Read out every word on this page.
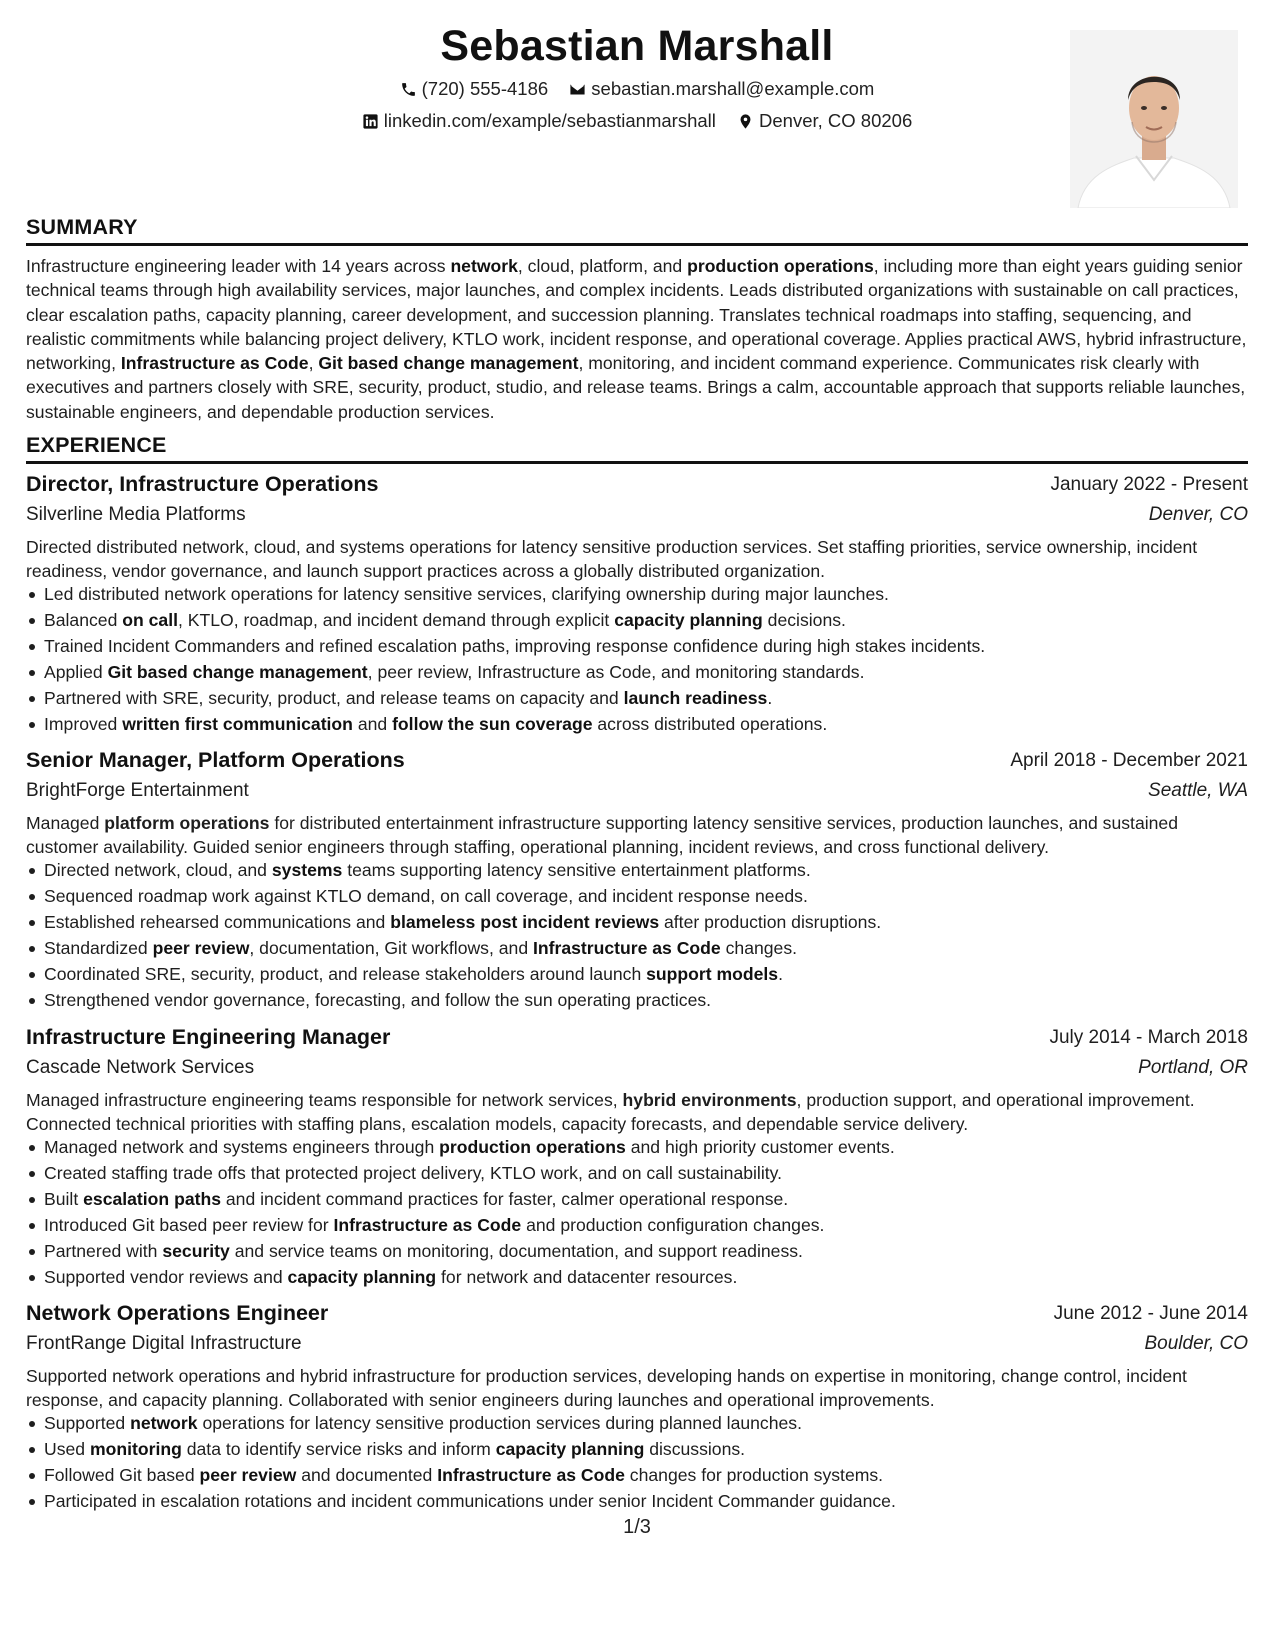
Sebastian Marshall
(720) 555-4186
sebastian.marshall@example.com
linkedin.com/example/sebastianmarshall
Denver, CO 80206
SUMMARY
Infrastructure engineering leader with 14 years across network, cloud, platform, and production operations, including more than eight years guiding senior technical teams through high availability services, major launches, and complex incidents. Leads distributed organizations with sustainable on call practices, clear escalation paths, capacity planning, career development, and succession planning. Translates technical roadmaps into staffing, sequencing, and realistic commitments while balancing project delivery, KTLO work, incident response, and operational coverage. Applies practical AWS, hybrid infrastructure, networking, Infrastructure as Code, Git based change management, monitoring, and incident command experience. Communicates risk clearly with executives and partners closely with SRE, security, product, studio, and release teams. Brings a calm, accountable approach that supports reliable launches, sustainable engineers, and dependable production services.
EXPERIENCE
Director, Infrastructure Operations	January 2022 - Present
Silverline Media Platforms	Denver, CO
Directed distributed network, cloud, and systems operations for latency sensitive production services. Set staffing priorities, service ownership, incident readiness, vendor governance, and launch support practices across a globally distributed organization.
Led distributed network operations for latency sensitive services, clarifying ownership during major launches.
Balanced on call, KTLO, roadmap, and incident demand through explicit capacity planning decisions.
Trained Incident Commanders and refined escalation paths, improving response confidence during high stakes incidents.
Applied Git based change management, peer review, Infrastructure as Code, and monitoring standards.
Partnered with SRE, security, product, and release teams on capacity and launch readiness.
Improved written first communication and follow the sun coverage across distributed operations.
Senior Manager, Platform Operations	April 2018 - December 2021
BrightForge Entertainment	Seattle, WA
Managed platform operations for distributed entertainment infrastructure supporting latency sensitive services, production launches, and sustained customer availability. Guided senior engineers through staffing, operational planning, incident reviews, and cross functional delivery.
Directed network, cloud, and systems teams supporting latency sensitive entertainment platforms.
Sequenced roadmap work against KTLO demand, on call coverage, and incident response needs.
Established rehearsed communications and blameless post incident reviews after production disruptions.
Standardized peer review, documentation, Git workflows, and Infrastructure as Code changes.
Coordinated SRE, security, product, and release stakeholders around launch support models.
Strengthened vendor governance, forecasting, and follow the sun operating practices.
Infrastructure Engineering Manager	July 2014 - March 2018
Cascade Network Services	Portland, OR
Managed infrastructure engineering teams responsible for network services, hybrid environments, production support, and operational improvement. Connected technical priorities with staffing plans, escalation models, capacity forecasts, and dependable service delivery.
Managed network and systems engineers through production operations and high priority customer events.
Created staffing trade offs that protected project delivery, KTLO work, and on call sustainability.
Built escalation paths and incident command practices for faster, calmer operational response.
Introduced Git based peer review for Infrastructure as Code and production configuration changes.
Partnered with security and service teams on monitoring, documentation, and support readiness.
Supported vendor reviews and capacity planning for network and datacenter resources.
Network Operations Engineer	June 2012 - June 2014
FrontRange Digital Infrastructure	Boulder, CO
Supported network operations and hybrid infrastructure for production services, developing hands on expertise in monitoring, change control, incident response, and capacity planning. Collaborated with senior engineers during launches and operational improvements.
Supported network operations for latency sensitive production services during planned launches.
Used monitoring data to identify service risks and inform capacity planning discussions.
Followed Git based peer review and documented Infrastructure as Code changes for production systems.
Participated in escalation rotations and incident communications under senior Incident Commander guidance.
1/3
